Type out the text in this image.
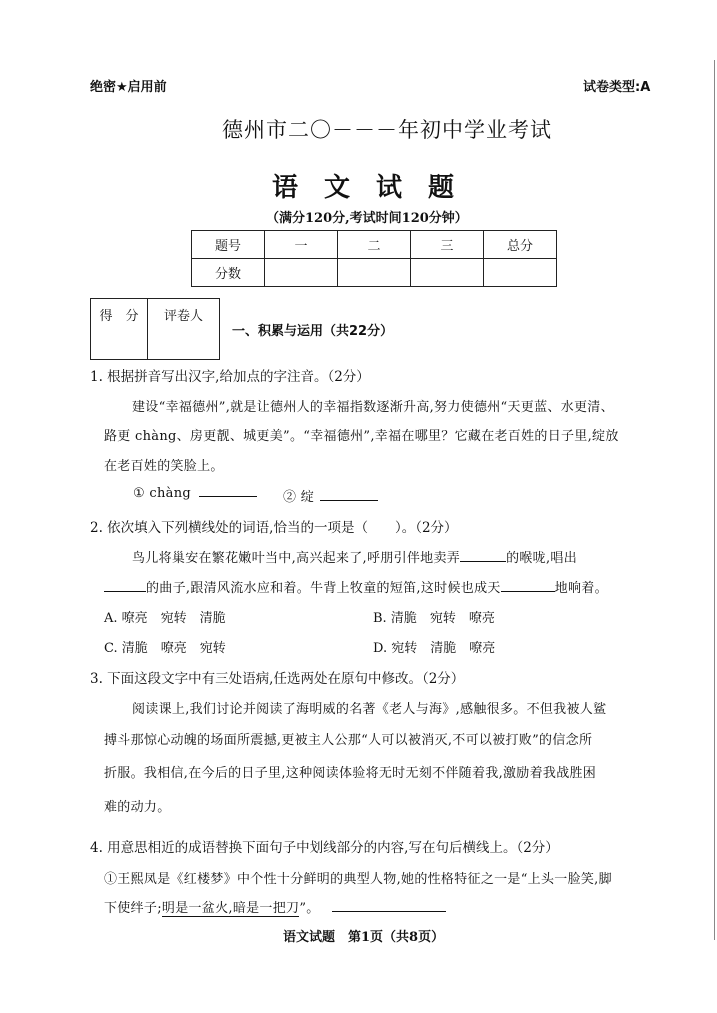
绝密★启用前	试卷类型:A
德州市二〇－－－年初中学业考试
语　文　试　题
（满分120分,考试时间120分钟）
题号	一	二	三	总分
分数				
得　分	评卷人
一、积累与运用（共22分）
1. 根据拼音写出汉字,给加点的字注音。（2分）
建设“幸福德州”,就是让德州人的幸福指数逐渐升高,努力使德州“天更蓝、水更清、
路更 chàng、房更靓、城更美”。“幸福德州”,幸福在哪里？它藏在老百姓的日子里,绽放
在老百姓的笑脸上。
① chàng	② 绽
2. 依次填入下列横线处的词语,恰当的一项是（　　）。（2分）
鸟儿将巢安在繁花嫩叶当中,高兴起来了,呼朋引伴地卖弄	的喉咙,唱出
的曲子,跟清风流水应和着。牛背上牧童的短笛,这时候也成天	地响着。
A. 嘹亮　宛转　清脆	B. 清脆　宛转　嘹亮
C. 清脆　嘹亮　宛转	D. 宛转　清脆　嘹亮
3. 下面这段文字中有三处语病,任选两处在原句中修改。（2分）
阅读课上,我们讨论并阅读了海明威的名著《老人与海》,感触很多。不但我被人鲨
搏斗那惊心动魄的场面所震撼,更被主人公那“人可以被消灭,不可以被打败”的信念所
折服。我相信,在今后的日子里,这种阅读体验将无时无刻不伴随着我,激励着我战胜困
难的动力。
4. 用意思相近的成语替换下面句子中划线部分的内容,写在句后横线上。（2分）
①王熙凤是《红楼梦》中个性十分鲜明的典型人物,她的性格特征之一是“上头一脸笑,脚
下使绊子;明是一盆火,暗是一把刀”。
语文试题　第1页（共8页）
